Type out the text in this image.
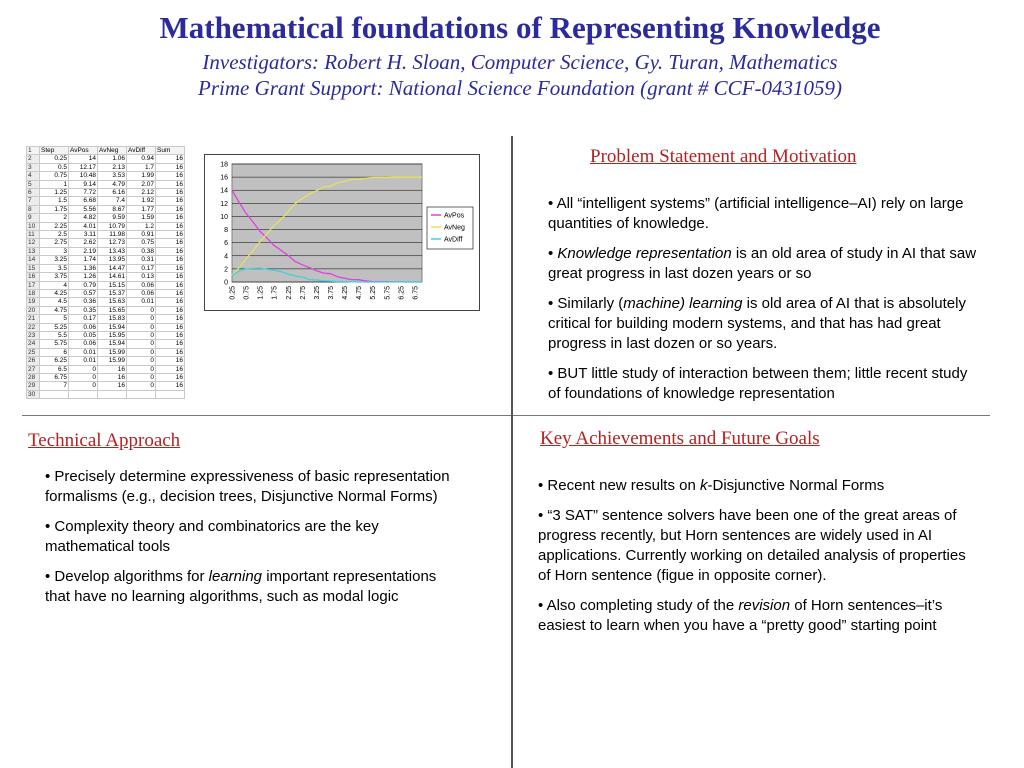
Mathematical foundations of Representing Knowledge
Investigators: Robert H. Sloan, Computer Science, Gy. Turan, Mathematics
Prime Grant Support: National Science Foundation (grant # CCF-0431059)
1	Step	AvPos	AvNeg	AvDiff	Sum
2	0.25	14	1.06	0.94	16
3	0.5	12.17	2.13	1.7	16
4	0.75	10.48	3.53	1.99	16
5	1	9.14	4.79	2.07	16
6	1.25	7.72	6.16	2.12	16
7	1.5	6.68	7.4	1.92	16
8	1.75	5.56	8.67	1.77	16
9	2	4.82	9.59	1.59	16
10	2.25	4.01	10.79	1.2	16
11	2.5	3.11	11.98	0.91	16
12	2.75	2.62	12.73	0.75	16
13	3	2.19	13.43	0.38	16
14	3.25	1.74	13.95	0.31	16
15	3.5	1.36	14.47	0.17	16
16	3.75	1.26	14.61	0.13	16
17	4	0.79	15.15	0.06	16
18	4.25	0.57	15.37	0.06	16
19	4.5	0.36	15.63	0.01	16
20	4.75	0.35	15.65	0	16
21	5	0.17	15.83	0	16
22	5.25	0.06	15.94	0	16
23	5.5	0.05	15.95	0	16
24	5.75	0.06	15.94	0	16
25	6	0.01	15.99	0	16
26	6.25	0.01	15.99	0	16
27	6.5	0	16	0	16
28	6.75	0	16	0	16
29	7	0	16	0	16
30					
0
2
4
6
8
10
12
14
16
18
0.25 0.75 1.25 1.75 2.25 2.75 3.25 3.75 4.25 4.75 5.25 5.75 6.25 6.75
AvPos
AvNeg
AvDiff
Problem Statement and Motivation

• All “intelligent systems” (artificial intelligence–AI) rely on large quantities of knowledge.

• Knowledge representation is an old area of study in AI that saw great progress in last dozen years or so

• Similarly (machine) learning is old area of AI that is absolutely critical for building modern systems, and that has had great progress in last dozen or so years.

• BUT little study of interaction between them; little recent study of foundations of knowledge representation

Technical Approach

• Precisely determine expressiveness of basic representation formalisms (e.g., decision trees, Disjunctive Normal Forms)

• Complexity theory and combinatorics are the key mathematical tools

• Develop algorithms for learning important representations that have no learning algorithms, such as modal logic

Key Achievements and Future Goals

• Recent new results on k-Disjunctive Normal Forms

• “3 SAT” sentence solvers have been one of the great areas of progress recently, but Horn sentences are widely used in AI applications. Currently working on detailed analysis of properties of Horn sentence (figue in opposite corner).

• Also completing study of the revision of Horn sentences–it’s easiest to learn when you have a “pretty good” starting point
